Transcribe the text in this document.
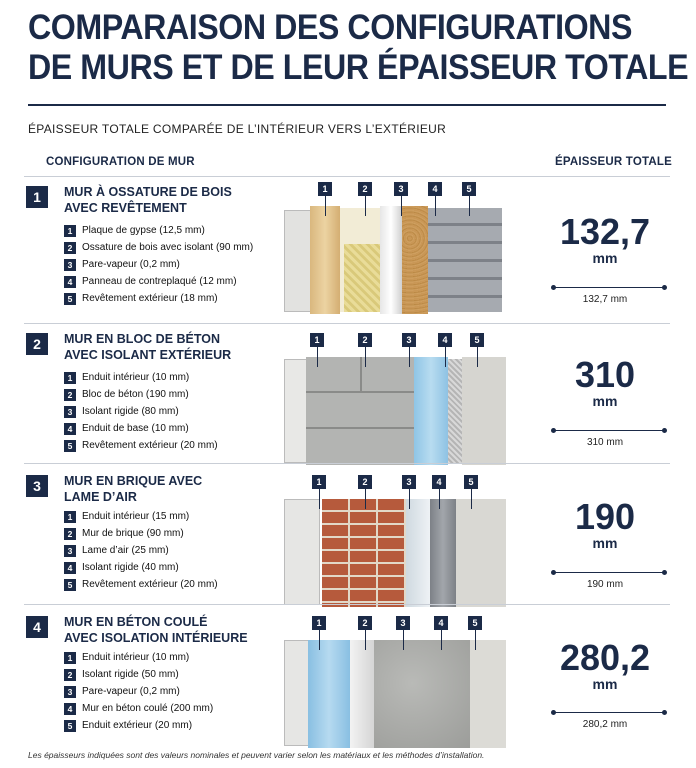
COMPARAISON DES CONFIGURATIONS
DE MURS ET DE LEUR ÉPAISSEUR TOTALE
ÉPAISSEUR TOTALE COMPARÉE DE L’INTÉRIEUR VERS L’EXTÉRIEUR
CONFIGURATION DE MUR	ÉPAISSEUR TOTALE
1	MUR À OSSATURE DE BOIS
AVEC REVÊTEMENT
1 Plaque de gypse (12,5 mm)
2 Ossature de bois avec isolant (90 mm)
3 Pare-vapeur (0,2 mm)
4 Panneau de contreplaqué (12 mm)
5 Revêtement extérieur (18 mm)
1	2	3	4	5
132,7
mm
132,7 mm
2	MUR EN BLOC DE BÉTON
AVEC ISOLANT EXTÉRIEUR
1 Enduit intérieur (10 mm)
2 Bloc de béton (190 mm)
3 Isolant rigide (80 mm)
4 Enduit de base (10 mm)
5 Revêtement extérieur (20 mm)
1	2	3	4	5
310
mm
310 mm
3	MUR EN BRIQUE AVEC
LAME D’AIR
1 Enduit intérieur (15 mm)
2 Mur de brique (90 mm)
3 Lame d’air (25 mm)
4 Isolant rigide (40 mm)
5 Revêtement extérieur (20 mm)
1	2	3	4	5
190
mm
190 mm
4	MUR EN BÉTON COULÉ
AVEC ISOLATION INTÉRIEURE
1 Enduit intérieur (10 mm)
2 Isolant rigide (50 mm)
3 Pare-vapeur (0,2 mm)
4 Mur en béton coulé (200 mm)
5 Enduit extérieur (20 mm)
1	2	3	4	5
280,2
mm
280,2 mm
Les épaisseurs indiquées sont des valeurs nominales et peuvent varier selon les matériaux et les méthodes d’installation.
